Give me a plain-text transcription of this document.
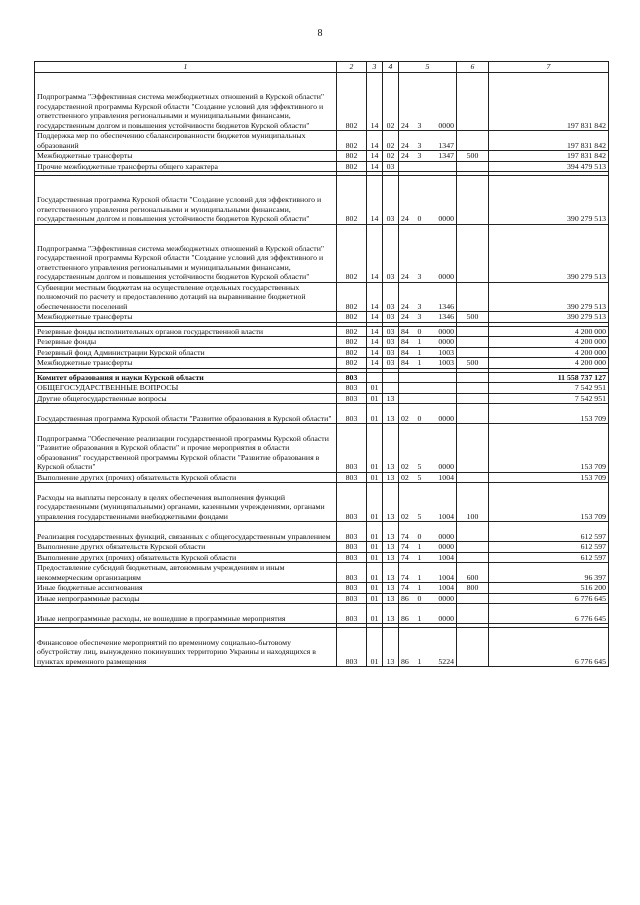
8
1	2	3	4	5			6	7
Подпрограмма "Эффективная система межбюджетных отношений в Курской области" государственной программы Курской области "Создание условий для эффективного и ответственного управления региональными и муниципальными финансами, государственным долгом и повышения устойчивости бюджетов Курской области"	802	14	02	24	3	0000		197 831 842
Поддержка мер по обеспечению сбалансированности бюджетов муниципальных образований	802	14	02	24	3	1347		197 831 842
Межбюджетные трансферты	802	14	02	24	3	1347	500	197 831 842
Прочие межбюджетные трансферты общего характера	802	14	03					394 479 513

Государственная программа Курской области "Создание условий для эффективного и ответственного управления региональными и муниципальными финансами, государственным долгом и повышения устойчивости бюджетов Курской области"	802	14	03	24	0	0000		390 279 513
Подпрограмма "Эффективная система межбюджетных отношений в Курской области" государственной программы Курской области "Создание условий для эффективного и ответственного управления региональными и муниципальными финансами, государственным долгом и повышения устойчивости бюджетов Курской области"	802	14	03	24	3	0000		390 279 513
Субвенции местным бюджетам на осуществление отдельных государственных полномочий по расчету и предоставлению дотаций на выравнивание бюджетной обеспеченности поселений	802	14	03	24	3	1346		390 279 513
Межбюджетные трансферты	802	14	03	24	3	1346	500	390 279 513

Резервные фонды исполнительных органов государственной власти	802	14	03	84	0	0000		4 200 000
Резервные фонды	802	14	03	84	1	0000		4 200 000
Резервный фонд Администрации Курской области	802	14	03	84	1	1003		4 200 000
Межбюджетные трансферты	802	14	03	84	1	1003	500	4 200 000

Комитет образования и науки Курской области	803							11 558 737 127
ОБЩЕГОСУДАРСТВЕННЫЕ ВОПРОСЫ	803	01						7 542 951
Другие общегосударственные вопросы	803	01	13					7 542 951
Государственная программа Курской области "Развитие образования в Курской области"	803	01	13	02	0	0000		153 709
Подпрограмма "Обеспечение реализации государственной программы Курской области "Развитие образования в Курской области" и прочие мероприятия в области образования" государственной программы Курской области "Развитие образования в Курской области"	803	01	13	02	5	0000		153 709
Выполнение других (прочих) обязательств Курской области	803	01	13	02	5	1004		153 709
Расходы на выплаты персоналу в целях обеспечения выполнения функций государственными (муниципальными) органами, казенными учреждениями, органами управления государственными внебюджетными фондами	803	01	13	02	5	1004	100	153 709
Реализация государственных функций, связанных с общегосударственным управлением	803	01	13	74	0	0000		612 597
Выполнение других обязательств Курской области	803	01	13	74	1	0000		612 597
Выполнение других (прочих) обязательств Курской области	803	01	13	74	1	1004		612 597
Предоставление субсидий бюджетным, автономным учреждениям и иным некоммерческим организациям	803	01	13	74	1	1004	600	96 397
Иные бюджетные ассигнования	803	01	13	74	1	1004	800	516 200
Иные непрограммные расходы	803	01	13	86	0	0000		6 776 645
Иные непрограммные расходы, не вошедшие в программные мероприятия	803	01	13	86	1	0000		6 776 645

Финансовое обеспечение мероприятий по временному социально-бытовому обустройству лиц, вынужденно покинувших территорию Украины и находящихся в пунктах временного размещения	803	01	13	86	1	5224		6 776 645
